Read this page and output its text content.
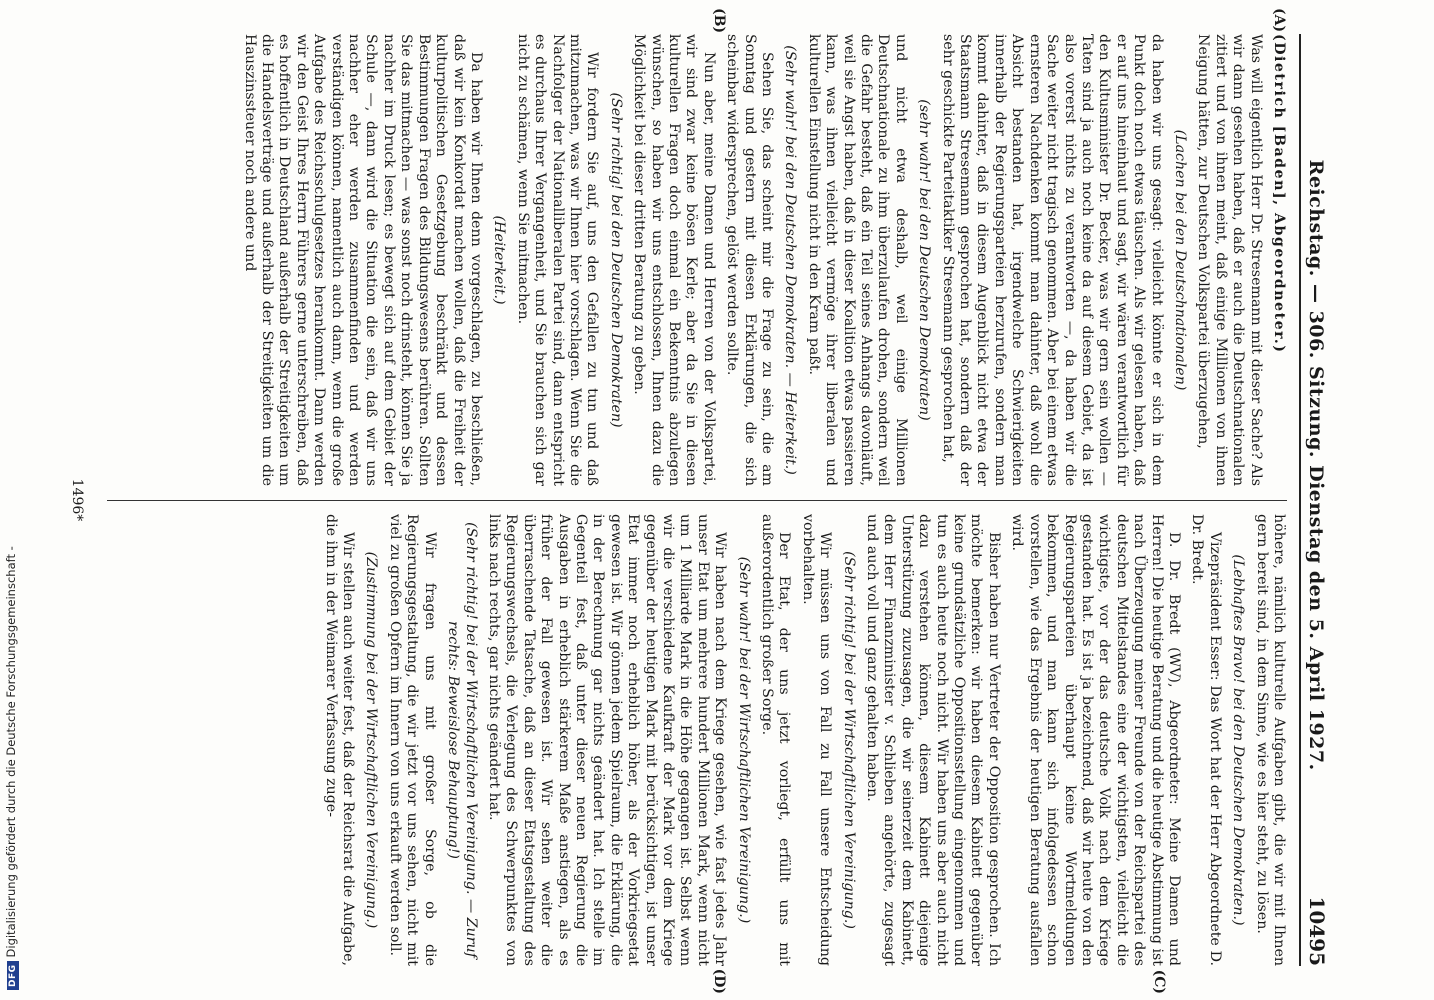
DFGDigitalisierung gefördert durch die Deutsche Forschungsgemeinschaft -	Reichstag. — 306. Sitzung. Dienstag den 5. April 1927.
10495

(Dietrich [Baden], Abgeordneter.)

Was will eigentlich Herr Dr. Stresemann mit dieser Sache? Als wir dann gesehen haben, daß er auch die Deutschnationalen zitiert und von ihnen meint, daß einige Millionen von ihnen Neigung hätten, zur Deutschen Volkspartei überzugehen,

(Lachen bei den Deutschnationalen)

da haben wir uns gesagt: vielleicht könnte er sich in dem Punkt doch noch etwas täuschen. Als wir gelesen haben, daß er auf uns hineinhaut und sagt, wir wären verantwortlich für den Kultusminister Dr. Becker, was wir gern sein wollen — Taten sind ja auch noch keine da auf diesem Gebiet, da ist also vorerst nichts zu verantworten —, da haben wir die Sache weiter nicht tragisch genommen. Aber bei einem etwas ernsteren Nachdenken kommt man dahinter, daß wohl die Absicht bestanden hat, irgendwelche Schwierigkeiten innerhalb der Regierungsparteien herzurufen, sondern man kommt dahinter, daß in diesem Augenblick nicht etwa der Staatsmann Stresemann gesprochen hat, sondern daß der sehr geschickte Parteitaktiker Stresemann gesprochen hat,

(sehr wahr! bei den Deutschen Demokraten)

und nicht etwa deshalb, weil einige Millionen Deutschnationale zu ihm überzulaufen drohen, sondern weil die Gefahr besteht, daß ein Teil seines Anhangs davonläuft, weil sie Angst haben, daß in dieser Koalition etwas passieren kann, was ihnen vielleicht vermöge ihrer liberalen und kulturellen Einstellung nicht in den Kram paßt.

(Sehr wahr! bei den Deutschen Demokraten. — Heiterkeit.)

Sehen Sie, das scheint mir die Frage zu sein, die am Sonntag und gestern mit diesen Erklärungen, die sich scheinbar widersprechen, gelöst werden sollte.

Nun aber, meine Damen und Herren von der Volkspartei, wir sind zwar keine bösen Kerle; aber da Sie in diesen kulturellen Fragen doch einmal ein Bekenntnis abzulegen wünschen, so haben wir uns entschlossen, Ihnen dazu die Möglichkeit bei dieser dritten Beratung zu geben.

(Sehr richtig! bei den Deutschen Demokraten)

Wir fordern Sie auf, uns den Gefallen zu tun und daß mitzumachen, was wir Ihnen hier vorschlagen. Wenn Sie die Nachfolger der Nationalliberalen Partei sind, dann entspricht es durchaus Ihrer Vergangenheit, und Sie brauchen sich gar nicht zu schämen, wenn Sie mitmachen.

(Heiterkeit.)

Da haben wir Ihnen denn vorgeschlagen, zu beschließen, daß wir kein Konkordat machen wollen, daß die Freiheit der kulturpolitischen Gesetzgebung beschränkt und dessen Bestimmungen Fragen des Bildungswesens berühren. Sollten Sie das mitmachen — was sonst noch drinsteht, können Sie ja nachher im Druck lesen; es bewegt sich auf dem Gebiet der Schule —, dann wird die Situation die sein, daß wir uns nachher eher werden zusammenfinden und werden verständigen können, namentlich auch dann, wenn die große Aufgabe des Reichsschulgesetzes herankommt. Dann werden wir den Geist Ihres Herrn Führers gerne unterschreiben, daß es hoffentlich in Deutschland außerhalb der Streitigkeiten um die Handelsverträge und außerhalb der Streitigkeiten um die Hauszinssteuer noch andere und

höhere, nämlich kulturelle Aufgaben gibt, die wir mit Ihnen gern bereit sind, in dem Sinne, wie es hier steht, zu lösen.

(Lebhaftes Bravo! bei den Deutschen Demokraten.)

Vizepräsident Esser: Das Wort hat der Herr Abgeordnete D. Dr. Bredt.

D. Dr. Bredt (WV), Abgeordneter: Meine Damen und Herren! Die heutige Beratung und die heutige Abstimmung ist nach Überzeugung meiner Freunde von der Reichspartei des deutschen Mittelstandes eine der wichtigsten, vielleicht die wichtigste, vor der das deutsche Volk nach dem Kriege gestanden hat. Es ist ja bezeichnend, daß wir heute von den Regierungsparteien überhaupt keine Wortmeldungen bekommen, und man kann sich infolgedessen schon vorstellen, wie das Ergebnis der heutigen Beratung ausfallen wird.

Bisher haben nur Vertreter der Opposition gesprochen. Ich möchte bemerken: wir haben diesem Kabinett gegenüber keine grundsätzliche Oppositionsstellung eingenommen und tun es auch heute noch nicht. Wir haben uns aber auch nicht dazu verstehen können, diesem Kabinett diejenige Unterstützung zuzusagen, die wir seinerzeit dem Kabinett, dem Herr Finanzminister v. Schlieben angehörte, zugesagt und auch voll und ganz gehalten haben.

(Sehr richtig! bei der Wirtschaftlichen Vereinigung.)

Wir müssen uns von Fall zu Fall unsere Entscheidung vorbehalten.

Der Etat, der uns jetzt vorliegt, erfüllt uns mit außerordentlich großer Sorge.

(Sehr wahr! bei der Wirtschaftlichen Vereinigung.)

Wir haben nach dem Kriege gesehen, wie fast jedes Jahr unser Etat um mehrere hundert Millionen Mark, wenn nicht um 1 Milliarde Mark in die Höhe gegangen ist. Selbst wenn wir die verschiedene Kaufkraft der Mark vor dem Kriege gegenüber der heutigen Mark mit berücksichtigen, ist unser Etat immer noch erheblich höher, als der Vorkriegsetat gewesen ist. Wir gönnen jedem Spielraum, die Erklärung, die in der Berechnung gar nichts geändert hat. Ich stelle im Gegenteil fest, daß unter dieser neuen Regierung die Ausgaben in erheblich stärkerem Maße anstiegen, als es früher der Fall gewesen ist. Wir sehen weiter die überraschende Tatsache, daß an dieser Etatsgestaltung des Regierungswechsels, die Verlegung des Schwerpunktes von links nach rechts, gar nichts geändert hat.

(Sehr richtig! bei der Wirtschaftlichen Vereinigung. — Zuruf rechts: Beweislose Behauptung!)

Wir fragen uns mit großer Sorge, ob die Regierungsgestaltung, die wir jetzt vor uns sehen, nicht mit viel zu großen Opfern im Innern von uns erkauft werden soll.

(Zustimmung bei der Wirtschaftlichen Vereinigung.)

Wir stellen auch weiter fest, daß der Reichsrat die Aufgabe, die ihm in der Weimarer Verfassung zuge-

(A)
(B)
(C)
(D)
1496*
